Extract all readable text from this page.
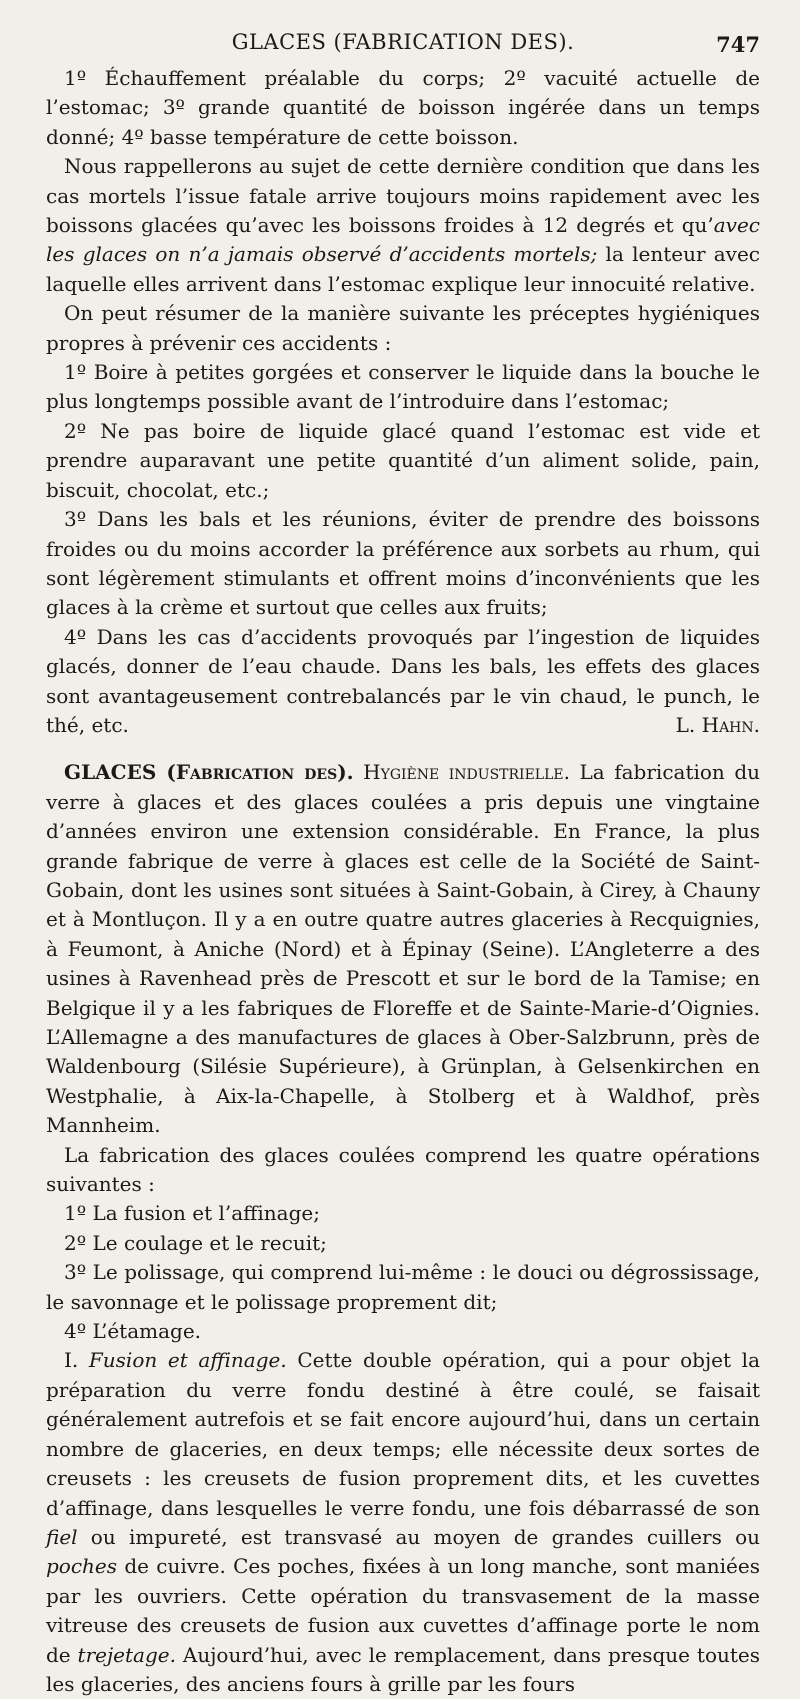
GLACES (FABRICATION DES).	747

1º Échauffement préalable du corps; 2º vacuité actuelle de l’estomac; 3º grande quantité de boisson ingérée dans un temps donné; 4º basse température de cette boisson.

Nous rappellerons au sujet de cette dernière condition que dans les cas mortels l’issue fatale arrive toujours moins rapidement avec les boissons glacées qu’avec les boissons froides à 12 degrés et qu’avec les glaces on n’a jamais observé d’accidents mortels; la lenteur avec laquelle elles arrivent dans l’estomac explique leur innocuité relative.

On peut résumer de la manière suivante les préceptes hygiéniques propres à prévenir ces accidents :

1º Boire à petites gorgées et conserver le liquide dans la bouche le plus longtemps possible avant de l’introduire dans l’estomac;

2º Ne pas boire de liquide glacé quand l’estomac est vide et prendre auparavant une petite quantité d’un aliment solide, pain, biscuit, chocolat, etc.;

3º Dans les bals et les réunions, éviter de prendre des boissons froides ou du moins accorder la préférence aux sorbets au rhum, qui sont légèrement stimulants et offrent moins d’inconvénients que les glaces à la crème et surtout que celles aux fruits;

4º Dans les cas d’accidents provoqués par l’ingestion de liquides glacés, donner de l’eau chaude. Dans les bals, les effets des glaces sont avantageusement contrebalancés par le vin chaud, le punch, le thé, etc.	L. Hahn.

GLACES (Fabrication des). Hygiène industrielle. La fabrication du verre à glaces et des glaces coulées a pris depuis une vingtaine d’années environ une extension considérable. En France, la plus grande fabrique de verre à glaces est celle de la Société de Saint-Gobain, dont les usines sont situées à Saint-Gobain, à Cirey, à Chauny et à Montluçon. Il y a en outre quatre autres glaceries à Recquignies, à Feumont, à Aniche (Nord) et à Épinay (Seine). L’Angleterre a des usines à Ravenhead près de Prescott et sur le bord de la Tamise; en Belgique il y a les fabriques de Floreffe et de Sainte-Marie-d’Oignies. L’Allemagne a des manufactures de glaces à Ober-Salzbrunn, près de Waldenbourg (Silésie Supérieure), à Grünplan, à Gelsenkirchen en Westphalie, à Aix-la-Chapelle, à Stolberg et à Waldhof, près Mannheim.

La fabrication des glaces coulées comprend les quatre opérations suivantes :

1º La fusion et l’affinage;

2º Le coulage et le recuit;

3º Le polissage, qui comprend lui-même : le douci ou dégrossissage, le savonnage et le polissage proprement dit;

4º L’étamage.

I. Fusion et affinage. Cette double opération, qui a pour objet la préparation du verre fondu destiné à être coulé, se faisait généralement autrefois et se fait encore aujourd’hui, dans un certain nombre de glaceries, en deux temps; elle nécessite deux sortes de creusets : les creusets de fusion proprement dits, et les cuvettes d’affinage, dans lesquelles le verre fondu, une fois débarrassé de son fiel ou impureté, est transvasé au moyen de grandes cuillers ou poches de cuivre. Ces poches, fixées à un long manche, sont maniées par les ouvriers. Cette opération du transvasement de la masse vitreuse des creusets de fusion aux cuvettes d’affinage porte le nom de trejetage. Aujourd’hui, avec le remplacement, dans presque toutes les glaceries, des anciens fours à grille par les fours
